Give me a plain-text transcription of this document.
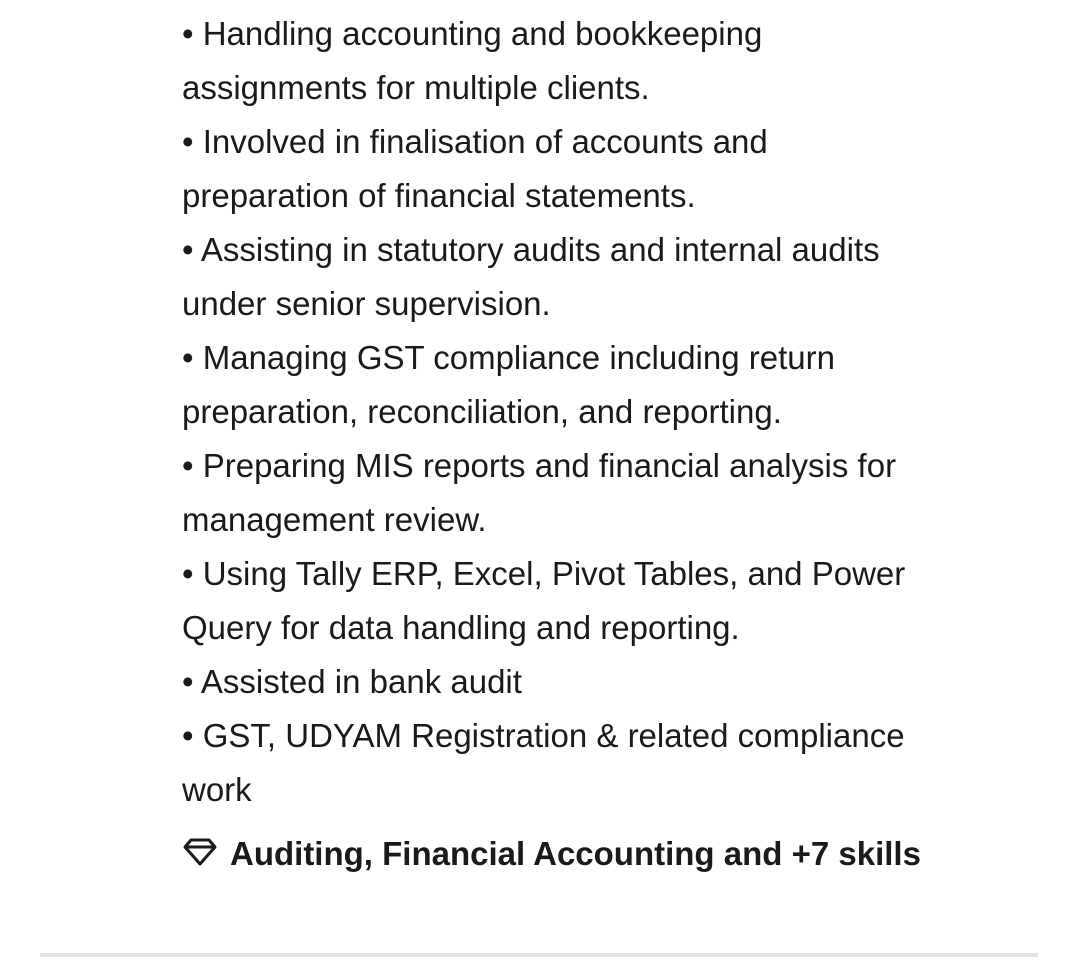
• Handling accounting and bookkeeping assignments for multiple clients.
• Involved in finalisation of accounts and preparation of financial statements.
• Assisting in statutory audits and internal audits under senior supervision.
• Managing GST compliance including return preparation, reconciliation, and reporting.
• Preparing MIS reports and financial analysis for management review.
• Using Tally ERP, Excel, Pivot Tables, and Power Query for data handling and reporting.
• Assisted in bank audit
• GST, UDYAM Registration & related compliance work
Auditing, Financial Accounting and +7 skills
